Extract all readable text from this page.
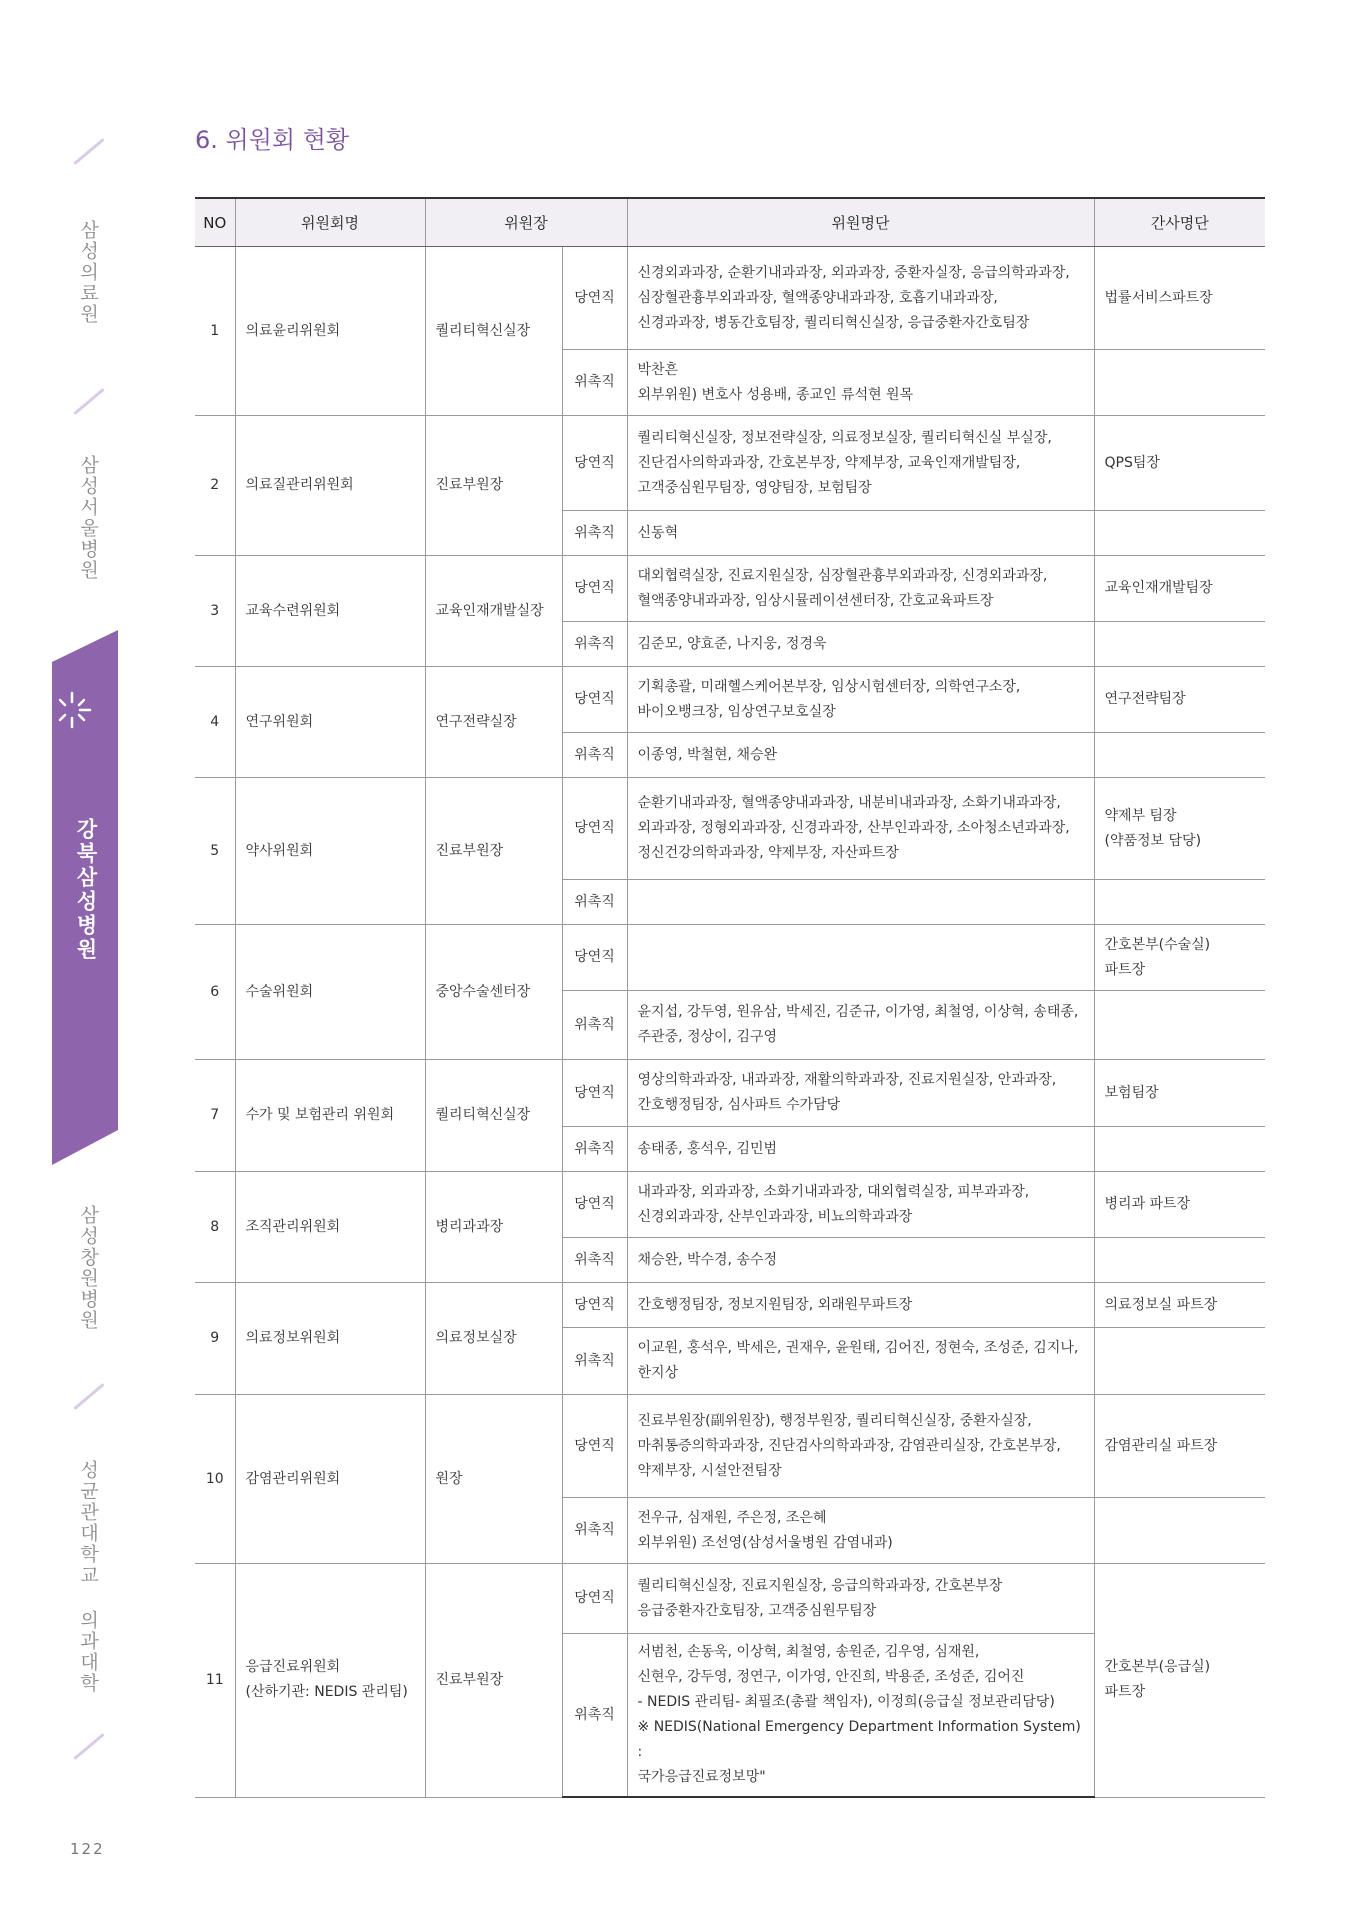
삼성의료원
삼성서울병원
강북삼성병원
삼성창원병원
성균관대학교 의과대학
122
6. 위원회 현황
NO	위원회명	위원장		위원명단	간사명단
1	의료윤리위원회	퀄리티혁신실장	당연직	신경외과과장, 순환기내과과장, 외과과장, 중환자실장, 응급의학과과장,
심장혈관흉부외과과장, 혈액종양내과과장, 호흡기내과과장,
신경과과장, 병동간호팀장, 퀄리티혁신실장, 응급중환자간호팀장	법률서비스파트장
			위촉직	박찬흔
외부위원) 변호사 성용배, 종교인 류석현 원목	
2	의료질관리위원회	진료부원장	당연직	퀄리티혁신실장, 정보전략실장, 의료정보실장, 퀄리티혁신실 부실장,
진단검사의학과과장, 간호본부장, 약제부장, 교육인재개발팀장,
고객중심원무팀장, 영양팀장, 보험팀장	QPS팀장
			위촉직	신동혁	
3	교육수련위원회	교육인재개발실장	당연직	대외협력실장, 진료지원실장, 심장혈관흉부외과과장, 신경외과과장,
혈액종양내과과장, 임상시뮬레이션센터장, 간호교육파트장	교육인재개발팀장
			위촉직	김준모, 양효준, 나지웅, 정경욱	
4	연구위원회	연구전략실장	당연직	기획총괄, 미래헬스케어본부장, 임상시험센터장, 의학연구소장,
바이오뱅크장, 임상연구보호실장	연구전략팀장
			위촉직	이종영, 박철현, 채승완	
5	약사위원회	진료부원장	당연직	순환기내과과장, 혈액종양내과과장, 내분비내과과장, 소화기내과과장,
외과과장, 정형외과과장, 신경과과장, 산부인과과장, 소아청소년과과장,
정신건강의학과과장, 약제부장, 자산파트장	약제부 팀장
(약품정보 담당)
			위촉직		
6	수술위원회	중앙수술센터장	당연직		간호본부(수술실)
파트장
			위촉직	윤지섭, 강두영, 원유삼, 박세진, 김준규, 이가영, 최철영, 이상혁, 송태종,
주관중, 정상이, 김구영	
7	수가 및 보험관리 위원회	퀄리티혁신실장	당연직	영상의학과과장, 내과과장, 재활의학과과장, 진료지원실장, 안과과장,
간호행정팀장, 심사파트 수가담당	보험팀장
			위촉직	송태종, 홍석우, 김민범	
8	조직관리위원회	병리과과장	당연직	내과과장, 외과과장, 소화기내과과장, 대외협력실장, 피부과과장,
신경외과과장, 산부인과과장, 비뇨의학과과장	병리과 파트장
			위촉직	채승완, 박수경, 송수정	
9	의료정보위원회	의료정보실장	당연직	간호행정팀장, 정보지원팀장, 외래원무파트장	의료정보실 파트장
			위촉직	이교원, 홍석우, 박세은, 권재우, 윤원태, 김어진, 정현숙, 조성준, 김지나,
한지상	
10	감염관리위원회	원장	당연직	진료부원장(副위원장), 행정부원장, 퀄리티혁신실장, 중환자실장,
마취통증의학과과장, 진단검사의학과과장, 감염관리실장, 간호본부장,
약제부장, 시설안전팀장	감염관리실 파트장
			위촉직	전우규, 심재원, 주은정, 조은혜
외부위원) 조선영(삼성서울병원 감염내과)	
11	응급진료위원회
(산하기관: NEDIS 관리팀)	진료부원장	당연직	퀄리티혁신실장, 진료지원실장, 응급의학과과장, 간호본부장
응급중환자간호팀장, 고객중심원무팀장	간호본부(응급실)
파트장
			위촉직	서범천, 손동욱, 이상혁, 최철영, 송원준, 김우영, 심재원,
신현우, 강두영, 정연구, 이가영, 안진희, 박용준, 조성준, 김어진
- NEDIS 관리팀- 최필조(총괄 책임자), 이정희(응급실 정보관리담당)
※ NEDIS(National Emergency Department Information System) :
국가응급진료정보망"	
